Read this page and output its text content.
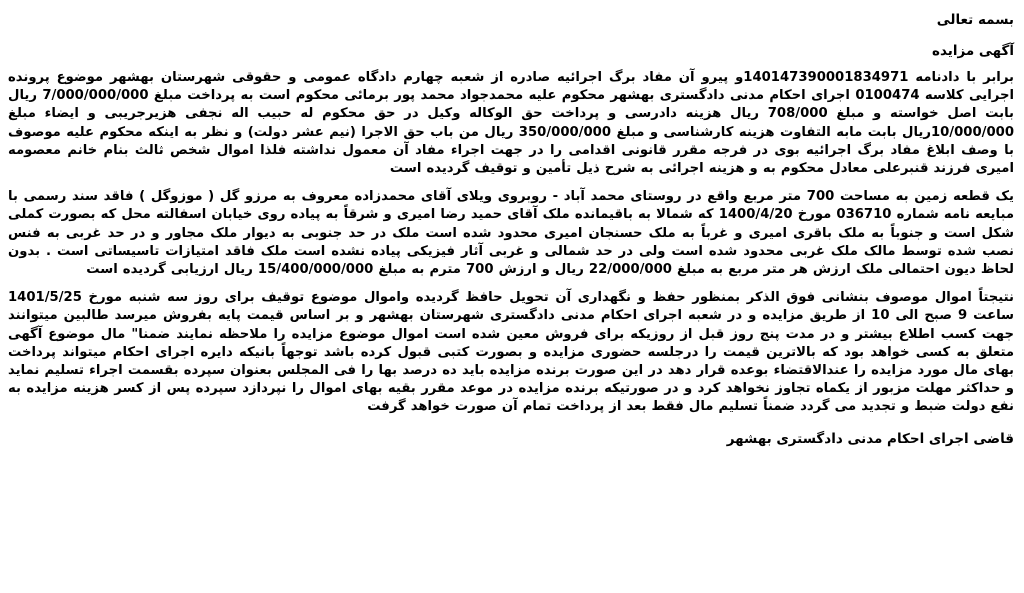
بسمه تعالی

آگهی مزایده

برابر با دادنامه 140147390001834971و پیرو آن مفاد برگ اجرائیه صادره از شعبه چهارم دادگاه عمومی و حقوقی شهرستان بهشهر موضوع پرونده اجرایی کلاسه 0100474 اجرای احکام مدنی دادگستری بهشهر محکوم علیه محمدجواد محمد پور برمائی محکوم است به پرداخت مبلغ 7/000/000/000 ریال بابت اصل خواسته و مبلغ 708/000 ریال هزینه دادرسی و پرداخت حق الوکاله وکیل در حق محکوم له حبیب اله نجفی هزیرجریبی و ایضاء مبلغ 10/000/000ریال بابت مابه التفاوت هزینه کارشناسی و مبلغ 350/000/000 ریال من باب حق الاجرا (نیم عشر دولت) و نظر به اینکه محکوم علیه موصوف با وصف ابلاغ مفاد برگ اجرائیه بوی در فرجه مقرر قانونی اقدامی را در جهت اجراء مفاد آن معمول نداشته فلذا اموال شخص ثالث بنام خانم معصومه امیری فرزند قنبرعلی معادل محکوم به و هزینه اجرائی به شرح ذیل تأمین و توقیف گردیده است

یک قطعه زمین به مساحت 700 متر مربع واقع در روستای محمد آباد - روبروی ویلای آقای محمدزاده معروف به مرزو گل ( موزوگل ) فاقد سند رسمی با مبایعه نامه شماره 036710 مورخ 1400/4/20 که شمالا به باقیمانده ملک آقای حمید رضا امیری و شرقاً به پیاده روی خیابان اسفالته محل که بصورت کملی شکل است و جنوباً به ملک باقری امیری و غرباً به ملک حسنجان امیری محدود شده است ملک در حد جنوبی به دیوار ملک مجاور و در حد غربی به فنس نصب شده توسط مالک ملک غربی محدود شده است ولی در حد شمالی و غربی آثار فیزیکی پیاده نشده است ملک فاقد امتیازات تاسیساتی است . بدون لحاظ دیون احتمالی ملک ارزش هر متر مربع به مبلغ 22/000/000 ریال و ارزش 700 مترم به مبلغ 15/400/000/000 ریال ارزیابی گردیده است

نتیجتاً اموال موصوف بنشانی فوق الذکر بمنظور حفظ و نگهداری آن تحویل حافظ گردیده واموال موضوع توقیف برای روز سه شنبه مورخ 1401/5/25 ساعت 9 صبح الی 10 از طریق مزایده و در شعبه اجرای احکام مدنی دادگستری شهرستان بهشهر و بر اساس قیمت پایه بفروش میرسد طالبین میتوانند جهت کسب اطلاع بیشتر و در مدت پنج روز قبل از روزیکه برای فروش معین شده است اموال موضوع مزایده را ملاحظه نمایند ضمنا" مال موضوع آگهی متعلق به کسی خواهد بود که بالاترین قیمت را درجلسه حضوری مزایده و بصورت کتبی قبول کرده باشد توجهاً بانیکه دایره اجرای احکام میتواند پرداخت بهای مال مورد مزایده را عندالاقتضاء بوعده قرار دهد در این صورت برنده مزایده باید ده درصد بها را فی المجلس بعنوان سپرده بقسمت اجراء تسلیم نماید و حداکثر مهلت مزبور از یکماه تجاوز نخواهد کرد و در صورتیکه برنده مزایده در موعد مقرر بقیه بهای اموال را نپردازد سپرده پس از کسر هزینه مزایده به نفع دولت ضبط و تجدید می گردد ضمناً تسلیم مال فقط بعد از پرداخت تمام آن صورت خواهد گرفت

قاضی اجرای احکام مدنی دادگستری بهشهر
